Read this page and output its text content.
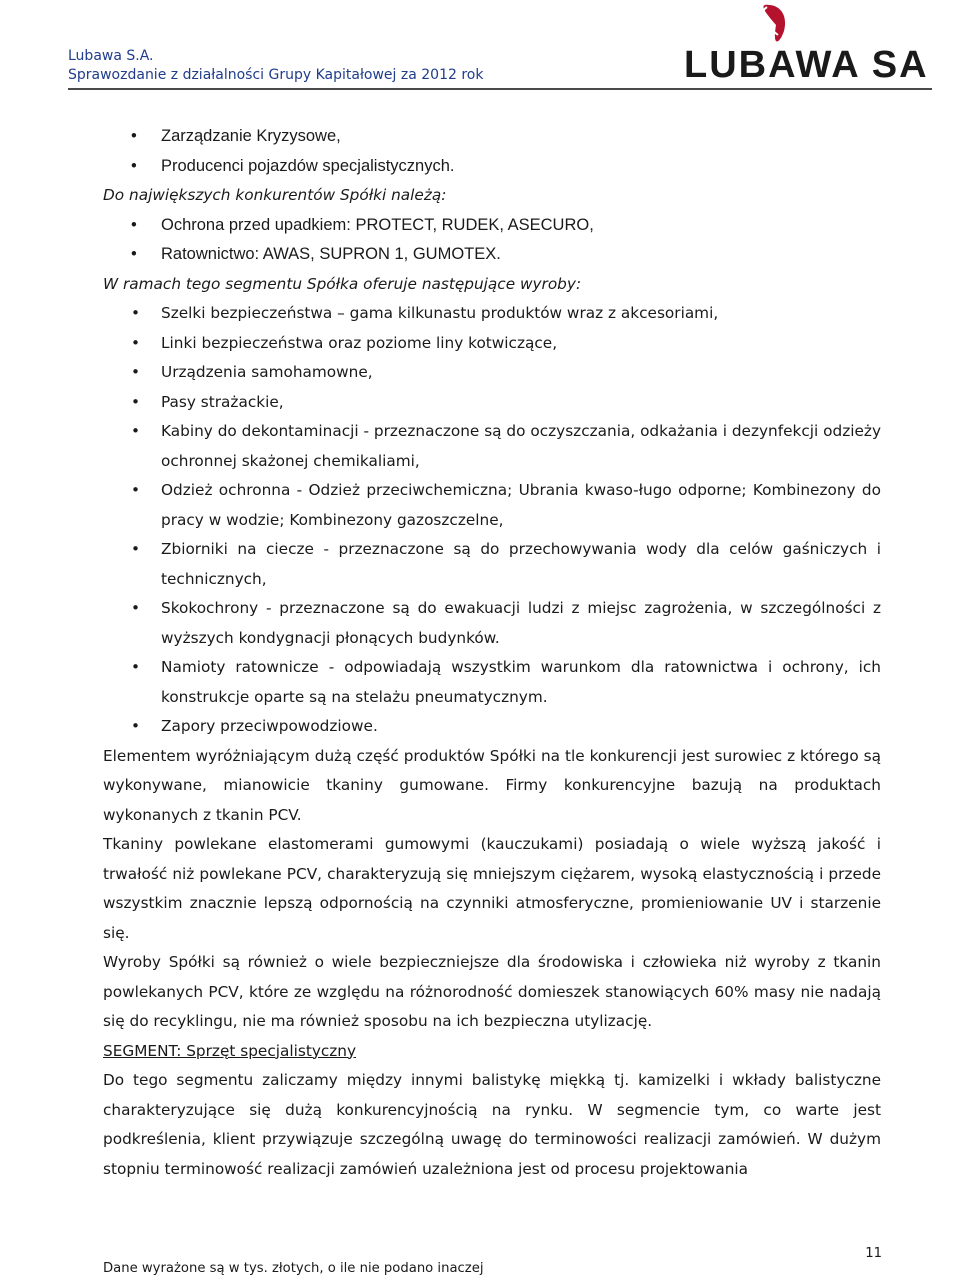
Lubawa S.A.
Sprawozdanie z działalności Grupy Kapitałowej za 2012 rok	LUBAWA SA
• Zarządzanie Kryzysowe,
• Producenci pojazdów specjalistycznych.
Do największych konkurentów Spółki należą:
• Ochrona przed upadkiem: PROTECT, RUDEK, ASECURO,
• Ratownictwo: AWAS, SUPRON 1, GUMOTEX.
W ramach tego segmentu Spółka oferuje następujące wyroby:
• Szelki bezpieczeństwa – gama kilkunastu produktów wraz z akcesoriami,
• Linki bezpieczeństwa oraz poziome liny kotwiczące,
• Urządzenia samohamowne,
• Pasy strażackie,
• Kabiny do dekontaminacji - przeznaczone są do oczyszczania, odkażania i dezynfekcji odzieży ochronnej skażonej chemikaliami,
• Odzież ochronna - Odzież przeciwchemiczna; Ubrania kwaso-ługo odporne; Kombinezony do pracy w wodzie; Kombinezony gazoszczelne,
• Zbiorniki na ciecze - przeznaczone są do przechowywania wody dla celów gaśniczych i technicznych,
• Skokochrony - przeznaczone są do ewakuacji ludzi z miejsc zagrożenia, w szczególności z wyższych kondygnacji płonących budynków.
• Namioty ratownicze - odpowiadają wszystkim warunkom dla ratownictwa i ochrony, ich konstrukcje oparte są na stelażu pneumatycznym.
• Zapory przeciwpowodziowe.

Elementem wyróżniającym dużą część produktów Spółki na tle konkurencji jest surowiec z którego są wykonywane, mianowicie tkaniny gumowane. Firmy konkurencyjne bazują na produktach wykonanych z tkanin PCV.

Tkaniny powlekane elastomerami gumowymi (kauczukami) posiadają o wiele wyższą jakość i trwałość niż powlekane PCV, charakteryzują się mniejszym ciężarem, wysoką elastycznością i przede wszystkim znacznie lepszą odpornością na czynniki atmosferyczne, promieniowanie UV i starzenie się.

Wyroby Spółki są również o wiele bezpieczniejsze dla środowiska i człowieka niż wyroby z tkanin powlekanych PCV, które ze względu na różnorodność domieszek stanowiących 60% masy nie nadają się do recyklingu, nie ma również sposobu na ich bezpieczna utylizację.

SEGMENT: Sprzęt specjalistyczny

Do tego segmentu zaliczamy między innymi balistykę miękką tj. kamizelki i wkłady balistyczne charakteryzujące się dużą konkurencyjnością na rynku. W segmencie tym, co warte jest podkreślenia, klient przywiązuje szczególną uwagę do terminowości realizacji zamówień. W dużym stopniu terminowość realizacji zamówień uzależniona jest od procesu projektowania

Dane wyrażone są w tys. złotych, o ile nie podano inaczej
11
